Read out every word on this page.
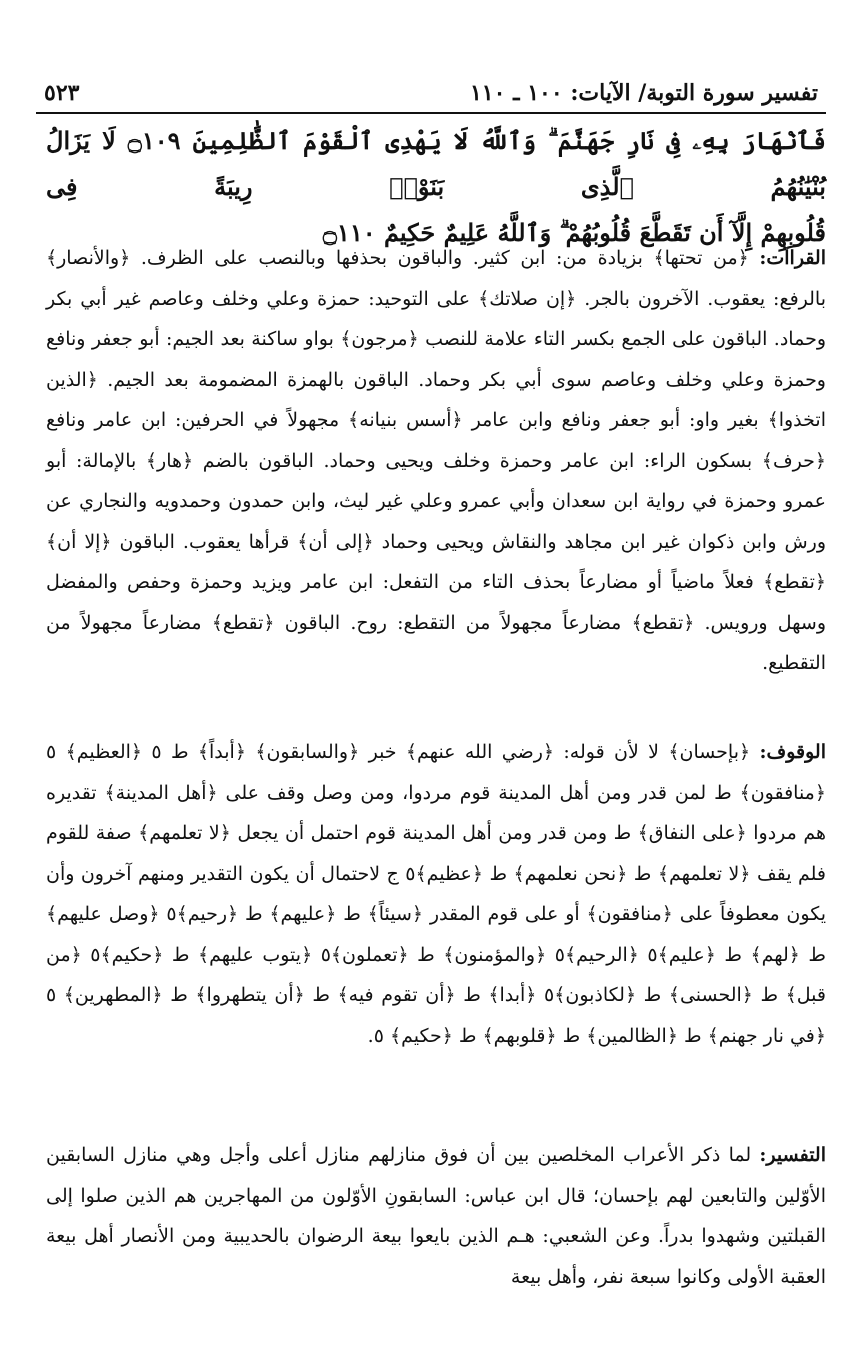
تفسير سورة التوبة/ الآيات: ١٠٠ ـ ١١٠
٥٢٣

فَٱنْهَارَ بِهِۦ فِى نَارِ جَهَنَّمَ ۗ وَٱللَّهُ لَا يَهْدِى ٱلْقَوْمَ ٱلظَّٰلِمِينَ ۝١٠٩ لَا يَزَالُ بُنْيَٰنُهُمُ ٱلَّذِى بَنَوْا۟ رِيبَةً فِى

قُلُوبِهِمْ إِلَّآ أَن تَقَطَّعَ قُلُوبُهُمْ ۗ وَٱللَّهُ عَلِيمٌ حَكِيمٌ ۝١١٠

القراآت: ﴿من تحتها﴾ بزيادة من: ابن كثير. والباقون بحذفها وبالنصب على الظرف. ﴿والأنصار﴾ بالرفع: يعقوب. الآخرون بالجر. ﴿إن صلاتك﴾ على التوحيد: حمزة وعلي وخلف وعاصم غير أبي بكر وحماد. الباقون على الجمع بكسر التاء علامة للنصب ﴿مرجون﴾ بواو ساكنة بعد الجيم: أبو جعفر ونافع وحمزة وعلي وخلف وعاصم سوى أبي بكر وحماد. الباقون بالهمزة المضمومة بعد الجيم. ﴿الذين اتخذوا﴾ بغير واو: أبو جعفر ونافع وابن عامر ﴿أسس بنيانه﴾ مجهولاً في الحرفين: ابن عامر ونافع ﴿حرف﴾ بسكون الراء: ابن عامر وحمزة وخلف ويحيى وحماد. الباقون بالضم ﴿هار﴾ بالإمالة: أبو عمرو وحمزة في رواية ابن سعدان وأبي عمرو وعلي غير ليث، وابن حمدون وحمدويه والنجاري عن ورش وابن ذكوان غير ابن مجاهد والنقاش ويحيى وحماد ﴿إلى أن﴾ قرأها يعقوب. الباقون ﴿إلا أن﴾ ﴿تقطع﴾ فعلاً ماضياً أو مضارعاً بحذف التاء من التفعل: ابن عامر ويزيد وحمزة وحفص والمفضل وسهل ورويس. ﴿تقطع﴾ مضارعاً مجهولاً من التقطع: روح. الباقون ﴿تقطع﴾ مضارعاً مجهولاً من التقطيع.

الوقوف: ﴿بإحسان﴾ لا لأن قوله: ﴿رضي الله عنهم﴾ خبر ﴿والسابقون﴾ ﴿أبداً﴾ ط ٥ ﴿العظيم﴾ ٥ ﴿منافقون﴾ ط لمن قدر ومن أهل المدينة قوم مردوا، ومن وصل وقف على ﴿أهل المدينة﴾ تقديره هم مردوا ﴿على النفاق﴾ ط ومن قدر ومن أهل المدينة قوم احتمل أن يجعل ﴿لا تعلمهم﴾ صفة للقوم فلم يقف ﴿لا تعلمهم﴾ ط ﴿نحن نعلمهم﴾ ط ﴿عظيم﴾٥ ج لاحتمال أن يكون التقدير ومنهم آخرون وأن يكون معطوفاً على ﴿منافقون﴾ أو على قوم المقدر ﴿سيئاً﴾ ط ﴿عليهم﴾ ط ﴿رحيم﴾٥ ﴿وصل عليهم﴾ ط ﴿لهم﴾ ط ﴿عليم﴾٥ ﴿الرحيم﴾٥ ﴿والمؤمنون﴾ ط ﴿تعملون﴾٥ ﴿يتوب عليهم﴾ ط ﴿حكيم﴾٥ ﴿من قبل﴾ ط ﴿الحسنى﴾ ط ﴿لكاذبون﴾٥ ﴿أبدا﴾ ط ﴿أن تقوم فيه﴾ ط ﴿أن يتطهروا﴾ ط ﴿المطهرين﴾ ٥ ﴿في نار جهنم﴾ ط ﴿الظالمين﴾ ط ﴿قلوبهم﴾ ط ﴿حكيم﴾ ٥.

التفسير: لما ذكر الأعراب المخلصين بين أن فوق منازلهم منازل أعلى وأجل وهي منازل السابقين الأوّلين والتابعين لهم بإحسان؛ قال ابن عباس: السابقونِ الأوّلون من المهاجرين هم الذين صلوا إلى القبلتين وشهدوا بدراً. وعن الشعبي: هـم الذين بايعوا بيعة الرضوان بالحديبية ومن الأنصار أهل بيعة العقبة الأولى وكانوا سبعة نفر، وأهل بيعة
